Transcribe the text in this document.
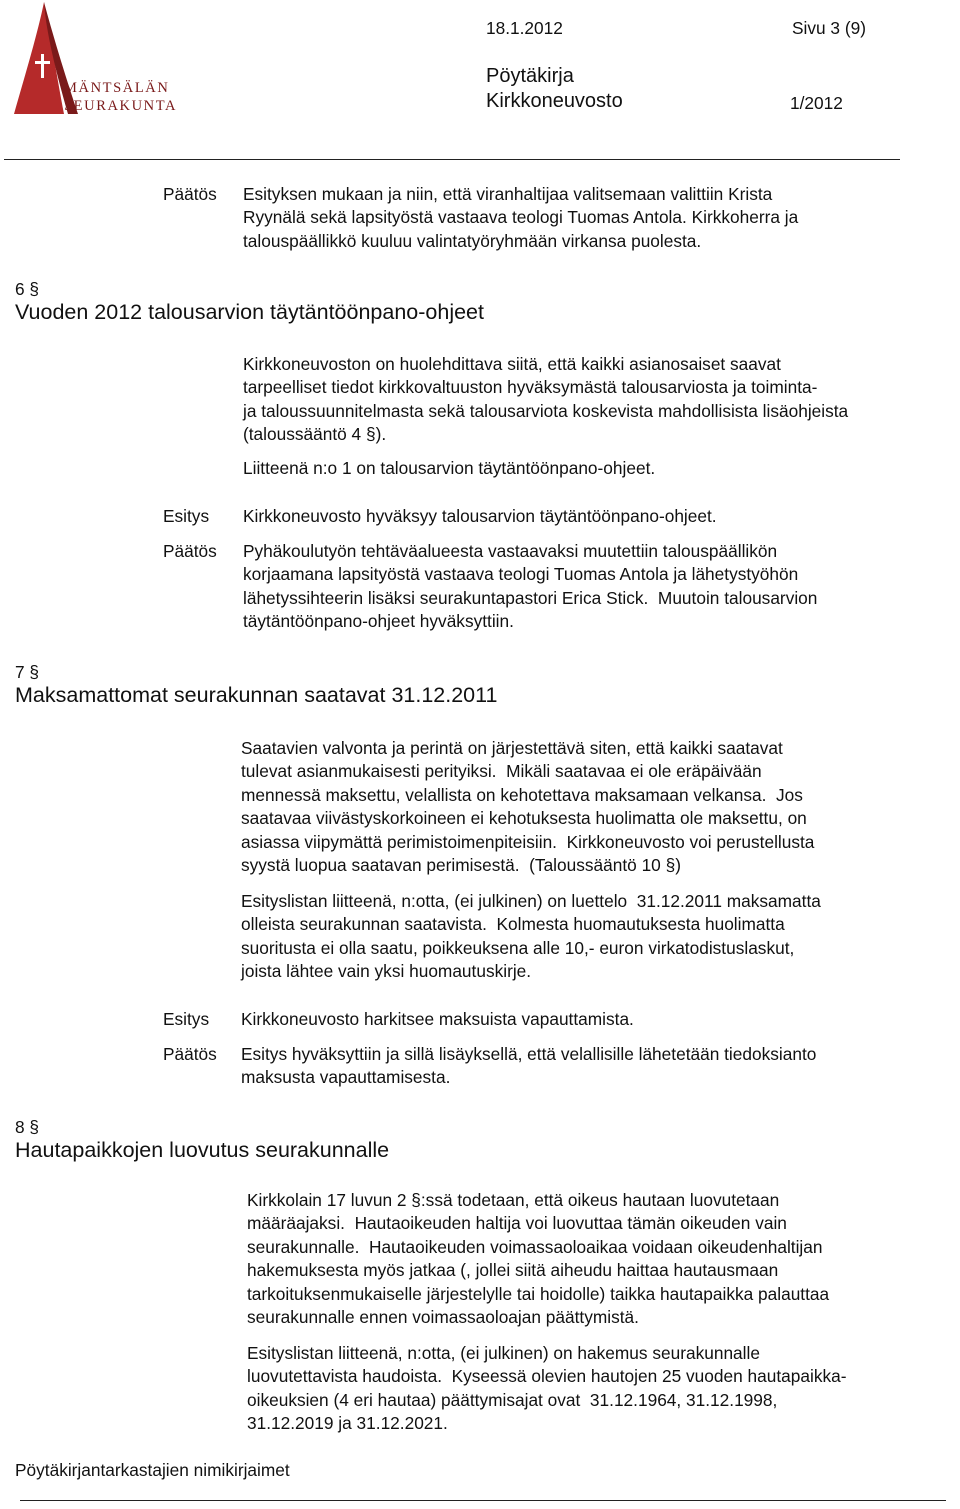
MÄNTSÄLÄN
SEURAKUNTA
18.1.2012	Sivu 3 (9)
Pöytäkirja
Kirkkoneuvosto	1/2012
Päätös Esityksen mukaan ja niin, että viranhaltijaa valitsemaan valittiin Krista
Ryynälä sekä lapsityöstä vastaava teologi Tuomas Antola. Kirkkoherra ja
talouspäällikkö kuuluu valintatyöryhmään virkansa puolesta.
6 §
Vuoden 2012 talousarvion täytäntöönpano-ohjeet
Kirkkoneuvoston on huolehdittava siitä, että kaikki asianosaiset saavat
tarpeelliset tiedot kirkkovaltuuston hyväksymästä talousarviosta ja toiminta-
ja taloussuunnitelmasta sekä talousarviota koskevista mahdollisista lisäohjeista
(taloussääntö 4 §).
Liitteenä n:o 1 on talousarvion täytäntöönpano-ohjeet.
Esitys Kirkkoneuvosto hyväksyy talousarvion täytäntöönpano-ohjeet.
Päätös Pyhäkoulutyön tehtäväalueesta vastaavaksi muutettiin talouspäällikön
korjaamana lapsityöstä vastaava teologi Tuomas Antola ja lähetystyöhön
lähetyssihteerin lisäksi seurakuntapastori Erica Stick.  Muutoin talousarvion
täytäntöönpano-ohjeet hyväksyttiin.
7 §
Maksamattomat seurakunnan saatavat 31.12.2011
Saatavien valvonta ja perintä on järjestettävä siten, että kaikki saatavat
tulevat asianmukaisesti perityiksi.  Mikäli saatavaa ei ole eräpäivään
mennessä maksettu, velallista on kehotettava maksamaan velkansa.  Jos
saatavaa viivästyskorkoineen ei kehotuksesta huolimatta ole maksettu, on
asiassa viipymättä perimistoimenpiteisiin.  Kirkkoneuvosto voi perustellusta
syystä luopua saatavan perimisestä.  (Taloussääntö 10 §)
Esityslistan liitteenä, n:otta, (ei julkinen) on luettelo  31.12.2011 maksamatta
olleista seurakunnan saatavista.  Kolmesta huomautuksesta huolimatta
suoritusta ei olla saatu, poikkeuksena alle 10,- euron virkatodistuslaskut,
joista lähtee vain yksi huomautuskirje.
Esitys Kirkkoneuvosto harkitsee maksuista vapauttamista.
Päätös Esitys hyväksyttiin ja sillä lisäyksellä, että velallisille lähetetään tiedoksianto
maksusta vapauttamisesta.
8 §
Hautapaikkojen luovutus seurakunnalle
Kirkkolain 17 luvun 2 §:ssä todetaan, että oikeus hautaan luovutetaan
määräajaksi.  Hautaoikeuden haltija voi luovuttaa tämän oikeuden vain
seurakunnalle.  Hautaoikeuden voimassaoloaikaa voidaan oikeudenhaltijan
hakemuksesta myös jatkaa (, jollei siitä aiheudu haittaa hautausmaan
tarkoituksenmukaiselle järjestelylle tai hoidolle) taikka hautapaikka palauttaa
seurakunnalle ennen voimassaoloajan päättymistä.
Esityslistan liitteenä, n:otta, (ei julkinen) on hakemus seurakunnalle
luovutettavista haudoista.  Kyseessä olevien hautojen 25 vuoden hautapaikka-
oikeuksien (4 eri hautaa) päättymisajat ovat  31.12.1964, 31.12.1998,
31.12.2019 ja 31.12.2021.
Pöytäkirjantarkastajien nimikirjaimet
